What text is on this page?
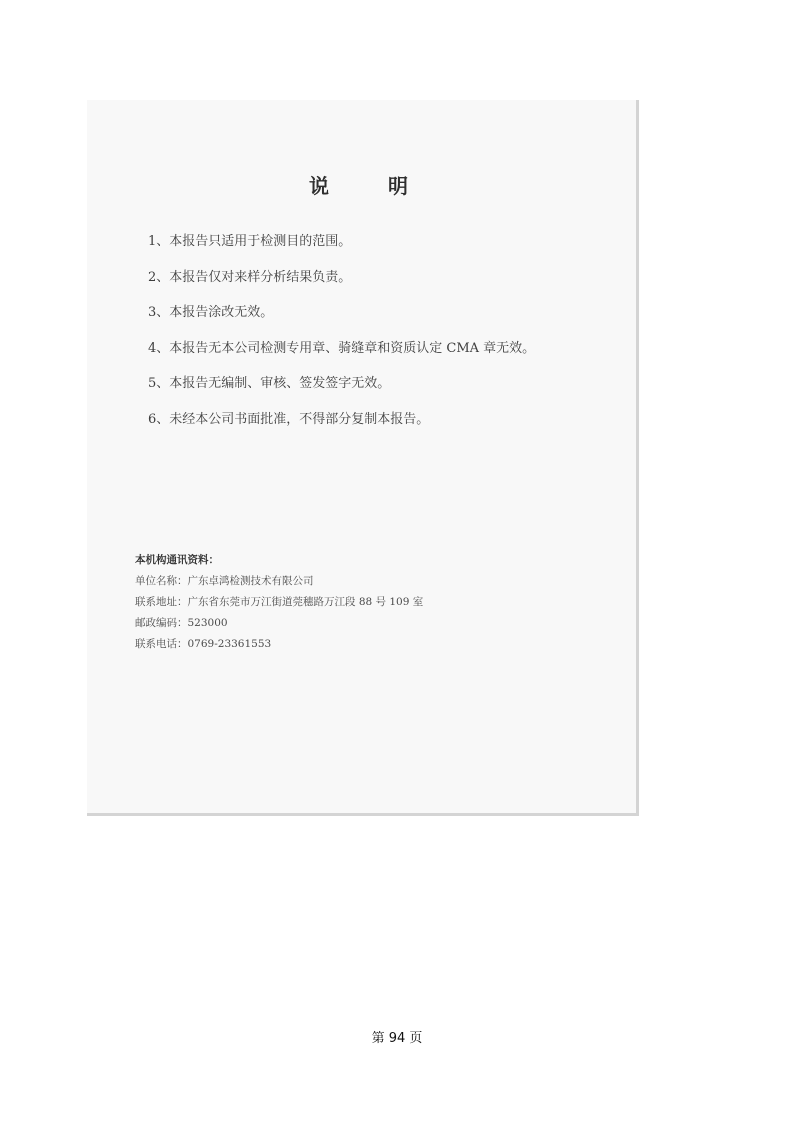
说 明
1、本报告只适用于检测目的范围。
2、本报告仅对来样分析结果负责。
3、本报告涂改无效。
4、本报告无本公司检测专用章、骑缝章和资质认定 CMA 章无效。
5、本报告无编制、审核、签发签字无效。
6、未经本公司书面批准，不得部分复制本报告。
本机构通讯资料：
单位名称：广东卓鸿检测技术有限公司
联系地址：广东省东莞市万江街道莞穗路万江段 88 号 109 室
邮政编码：523000
联系电话：0769-23361553
第 94 页
